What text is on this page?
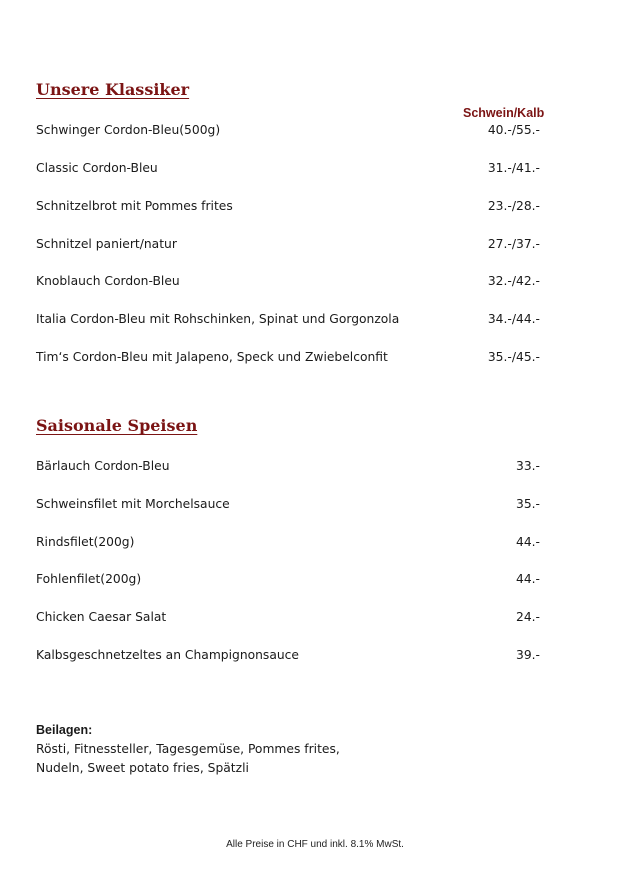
Unsere Klassiker
Schwein/Kalb
Schwinger Cordon-Bleu(500g)	40.-/55.-
Classic Cordon-Bleu	31.-/41.-
Schnitzelbrot mit Pommes frites	23.-/28.-
Schnitzel paniert/natur	27.-/37.-
Knoblauch Cordon-Bleu	32.-/42.-
Italia Cordon-Bleu mit Rohschinken, Spinat und Gorgonzola	34.-/44.-
Tim‘s Cordon-Bleu mit Jalapeno, Speck und Zwiebelconfit	35.-/45.-
Saisonale Speisen
Bärlauch Cordon-Bleu	33.-
Schweinsfilet mit Morchelsauce	35.-
Rindsfilet(200g)	44.-
Fohlenfilet(200g)	44.-
Chicken Caesar Salat	24.-
Kalbsgeschnetzeltes an Champignonsauce	39.-
Beilagen:
Rösti, Fitnessteller, Tagesgemüse, Pommes frites,
Nudeln, Sweet potato fries, Spätzli
Alle Preise in CHF und inkl. 8.1% MwSt.
